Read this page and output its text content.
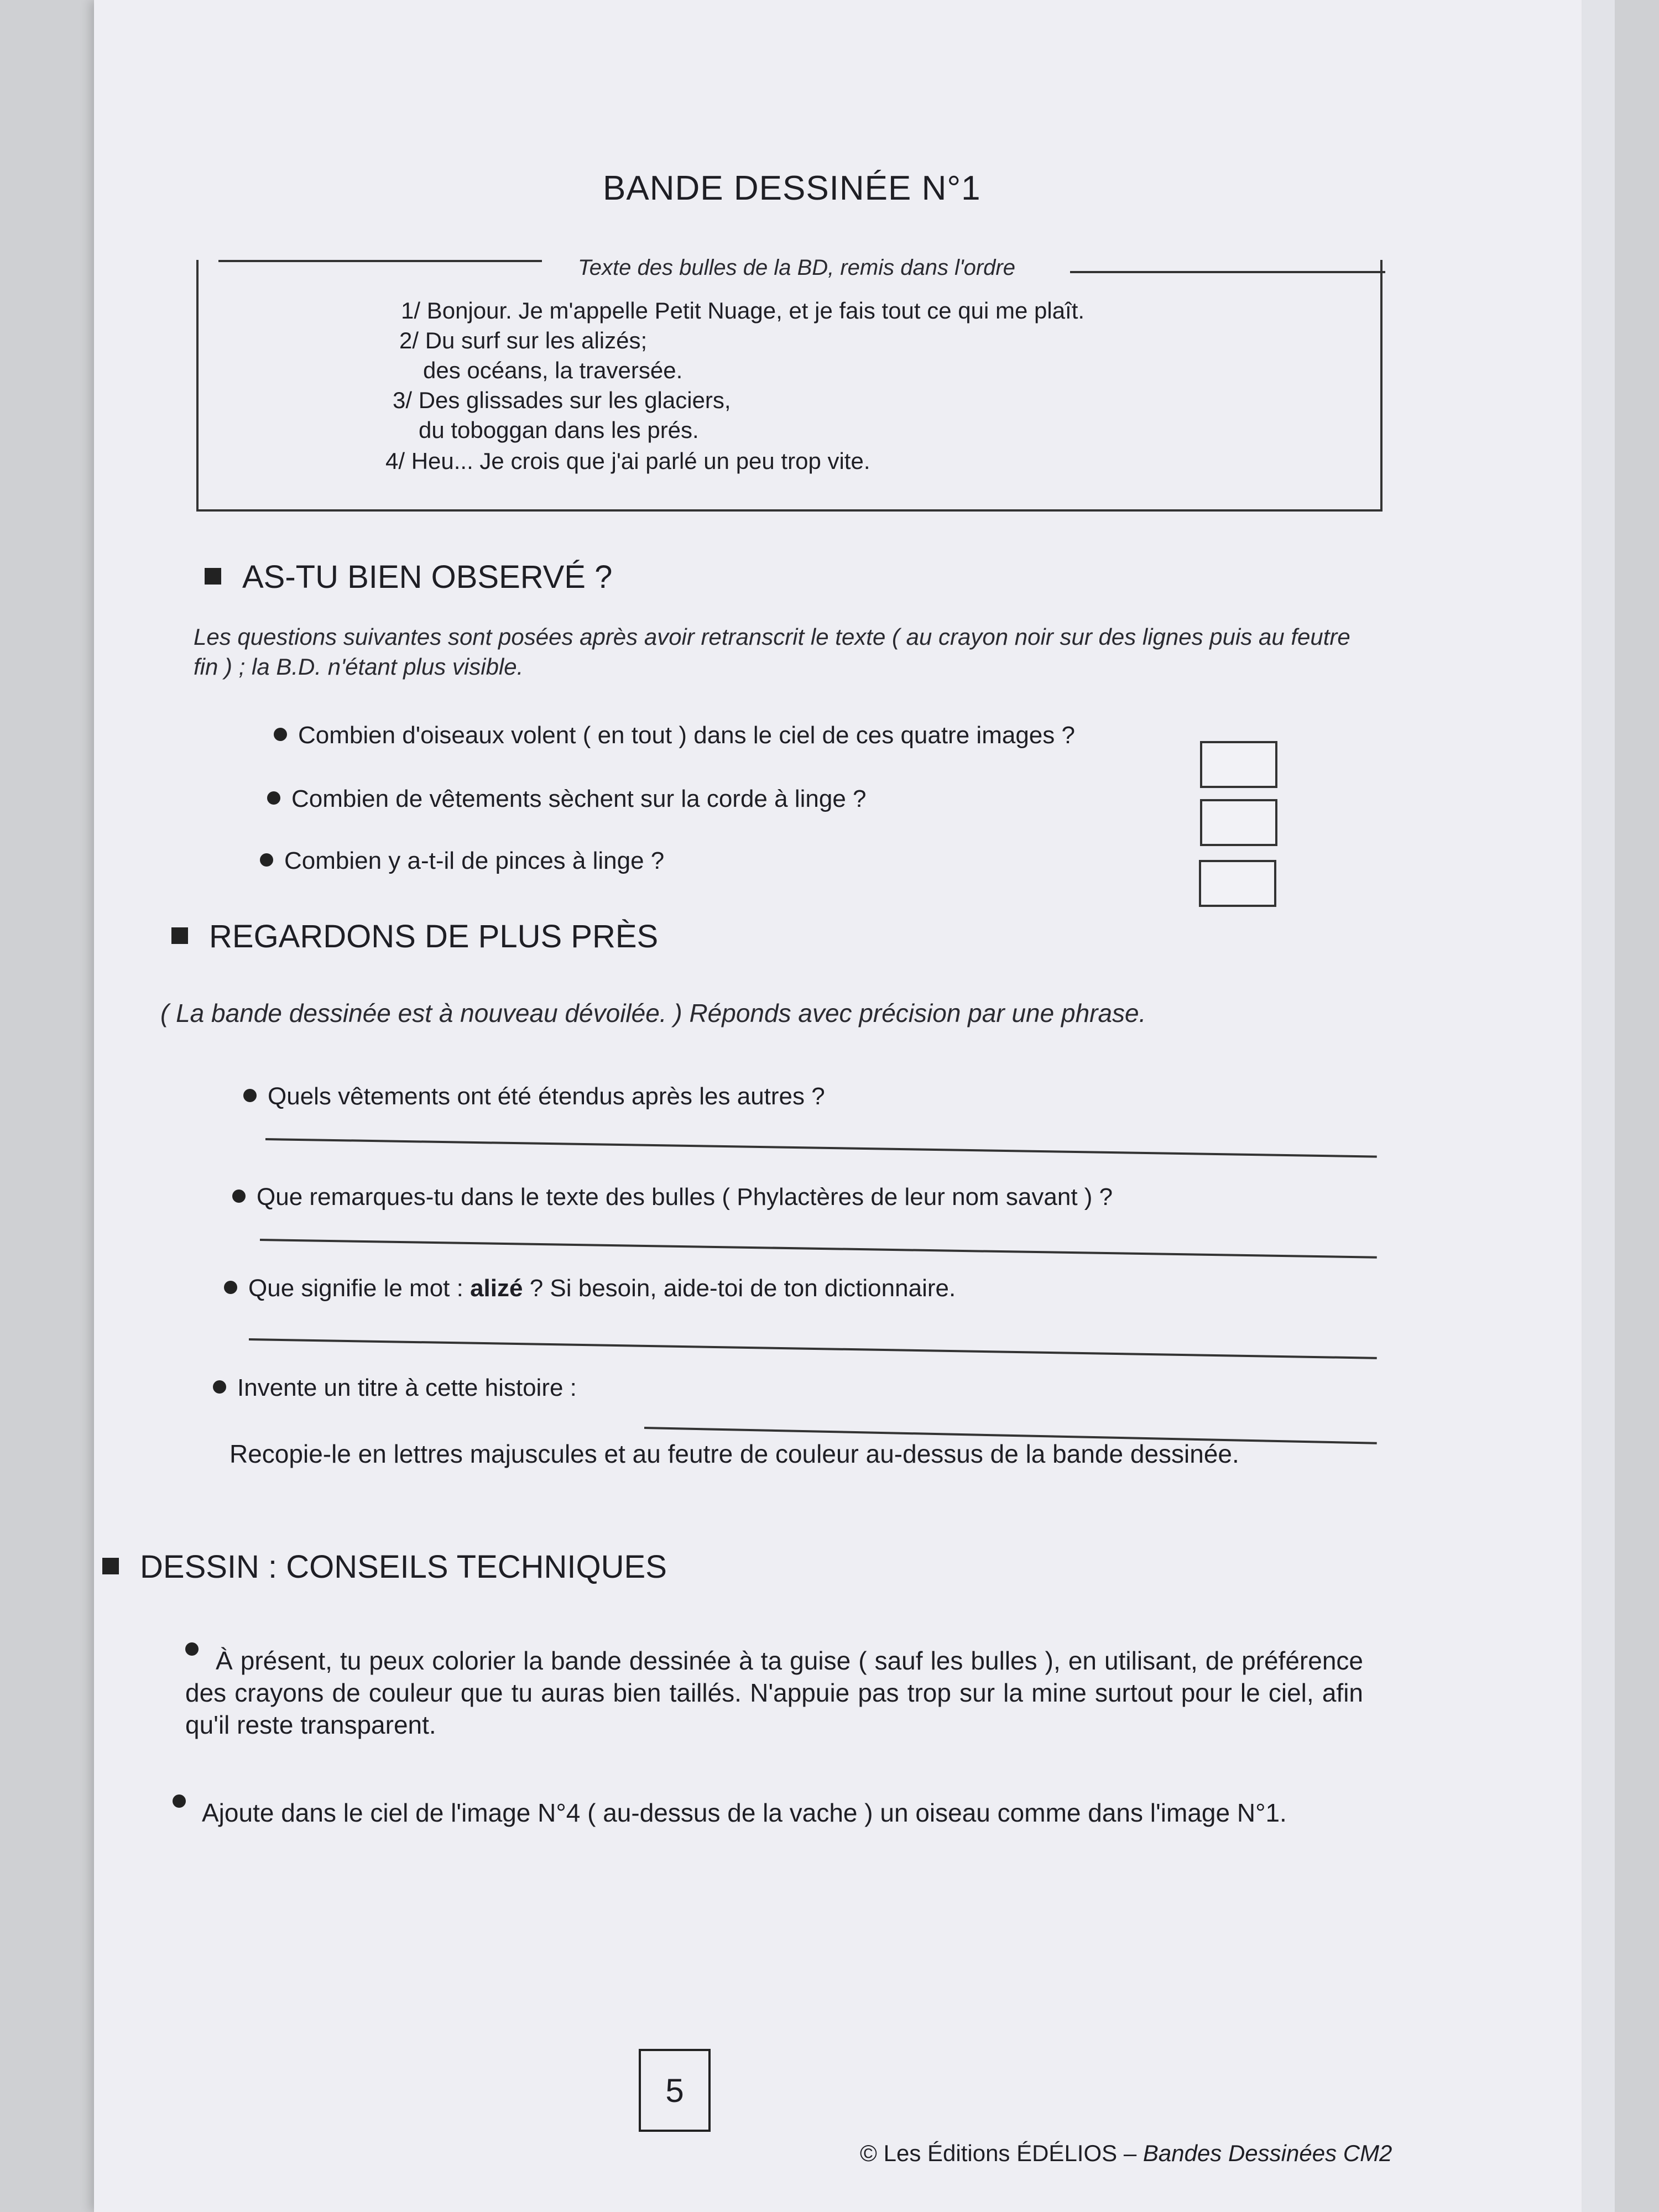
BANDE DESSINÉE N°1
Texte des bulles de la BD, remis dans l'ordre
1/ Bonjour. Je m'appelle Petit Nuage, et je fais tout ce qui me plaît.
2/ Du surf sur les alizés;
des océans, la traversée.
3/ Des glissades sur les glaciers,
du toboggan dans les prés.
4/ Heu... Je crois que j'ai parlé un peu trop vite.
AS-TU BIEN OBSERVÉ ?
Les questions suivantes sont posées après avoir retranscrit le texte ( au crayon noir sur des lignes puis au feutre fin ) ; la B.D. n'étant plus visible.
Combien d'oiseaux volent ( en tout ) dans le ciel de ces quatre images ?
Combien de vêtements sèchent sur la corde à linge ?
Combien y a-t-il de pinces à linge ?
REGARDONS DE PLUS PRÈS
( La bande dessinée est à nouveau dévoilée. ) Réponds avec précision par une phrase.
Quels vêtements ont été étendus après les autres ?
Que remarques-tu dans le texte des bulles ( Phylactères de leur nom savant ) ?
Que signifie le mot : alizé ? Si besoin, aide-toi de ton dictionnaire.
Invente un titre à cette histoire :
Recopie-le en lettres majuscules et au feutre de couleur au-dessus de la bande dessinée.
DESSIN : CONSEILS TECHNIQUES
À présent, tu peux colorier la bande dessinée à ta guise ( sauf les bulles ), en utilisant, de préférence des crayons de couleur que tu auras bien taillés. N'appuie pas trop sur la mine surtout pour le ciel, afin qu'il reste transparent.
Ajoute dans le ciel de l'image N°4 ( au-dessus de la vache ) un oiseau comme dans l'image N°1.
5
© Les Éditions ÉDÉLIOS – Bandes Dessinées CM2
